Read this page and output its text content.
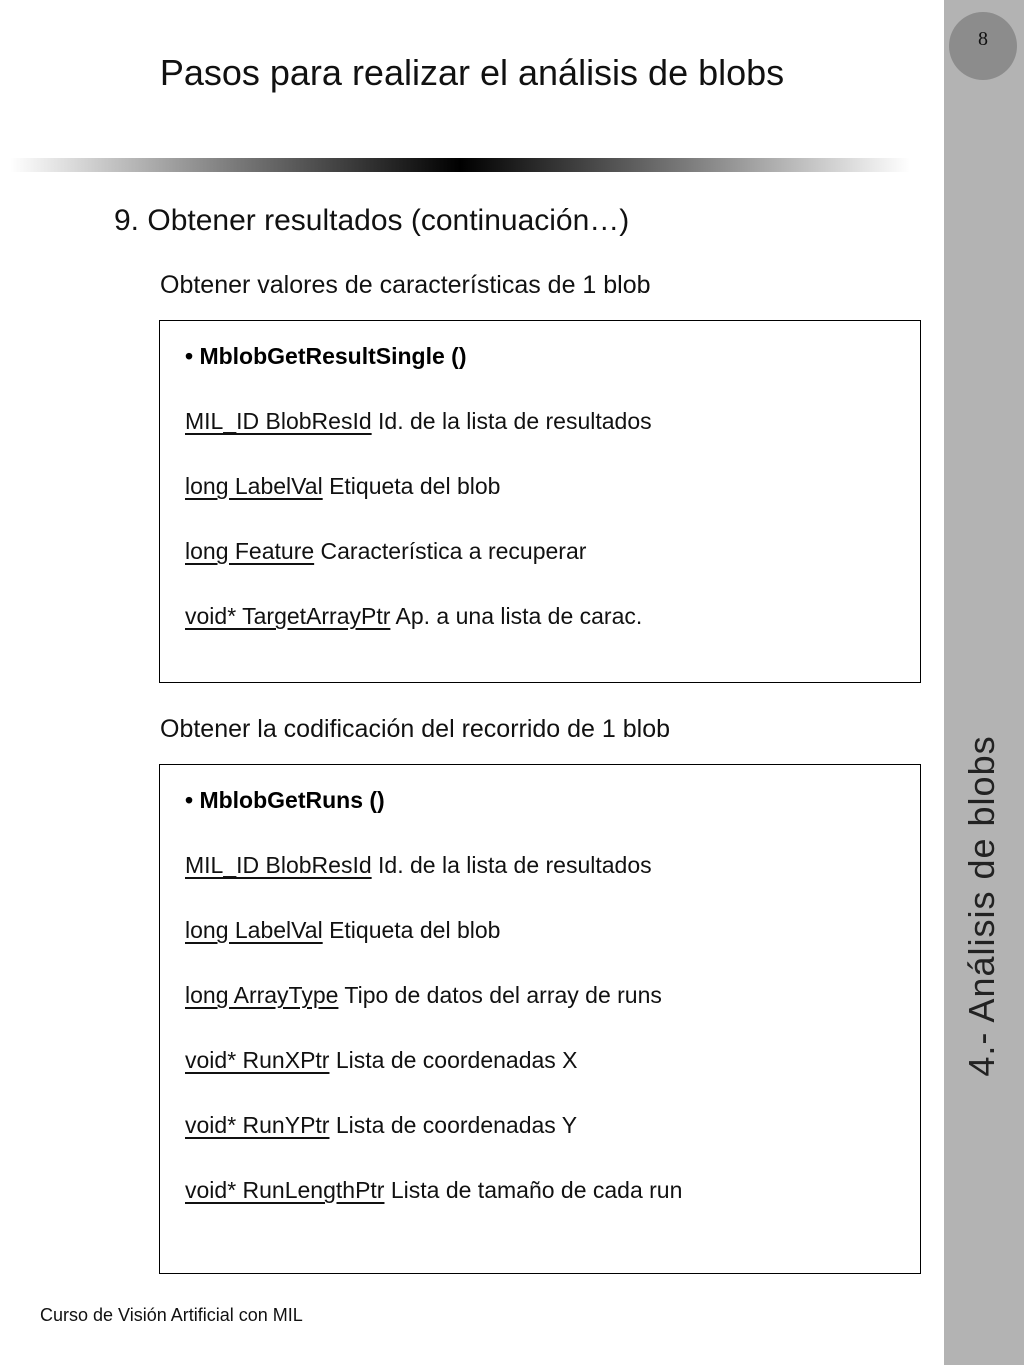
8
4.- Análisis de blobs
Pasos para realizar el análisis de blobs
9. Obtener resultados (continuación…)
Obtener valores de características de 1 blob
• MblobGetResultSingle ()
MIL_ID BlobResId Id. de la lista de resultados
long LabelVal Etiqueta del blob
long Feature Característica a recuperar
void* TargetArrayPtr Ap. a una lista de carac.
Obtener la codificación del recorrido de 1 blob
• MblobGetRuns ()
MIL_ID BlobResId Id. de la lista de resultados
long LabelVal Etiqueta del blob
long ArrayType Tipo de datos del array de runs
void* RunXPtr Lista de coordenadas X
void* RunYPtr Lista de coordenadas Y
void* RunLengthPtr Lista de tamaño de cada run
Curso de Visión Artificial con MIL
